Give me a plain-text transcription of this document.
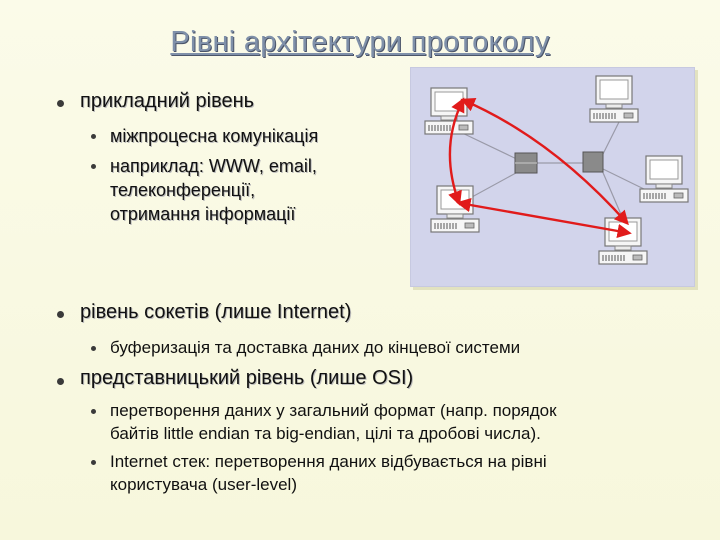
Рівні архітектури протоколу
прикладний рівень
міжпроцесна комунікація
наприклад: WWW, email,
телеконференції,
отримання інформації
рівень сокетів (лише Internet)
буферизація та доставка даних до кінцевої системи
представницький рівень (лише OSI)
перетворення даних у загальний формат (напр. порядок
байтів little endian та big-endian, цілі та дробові числа).
Internet стек: перетворення даних відбувається на рівні
користувача (user-level)
